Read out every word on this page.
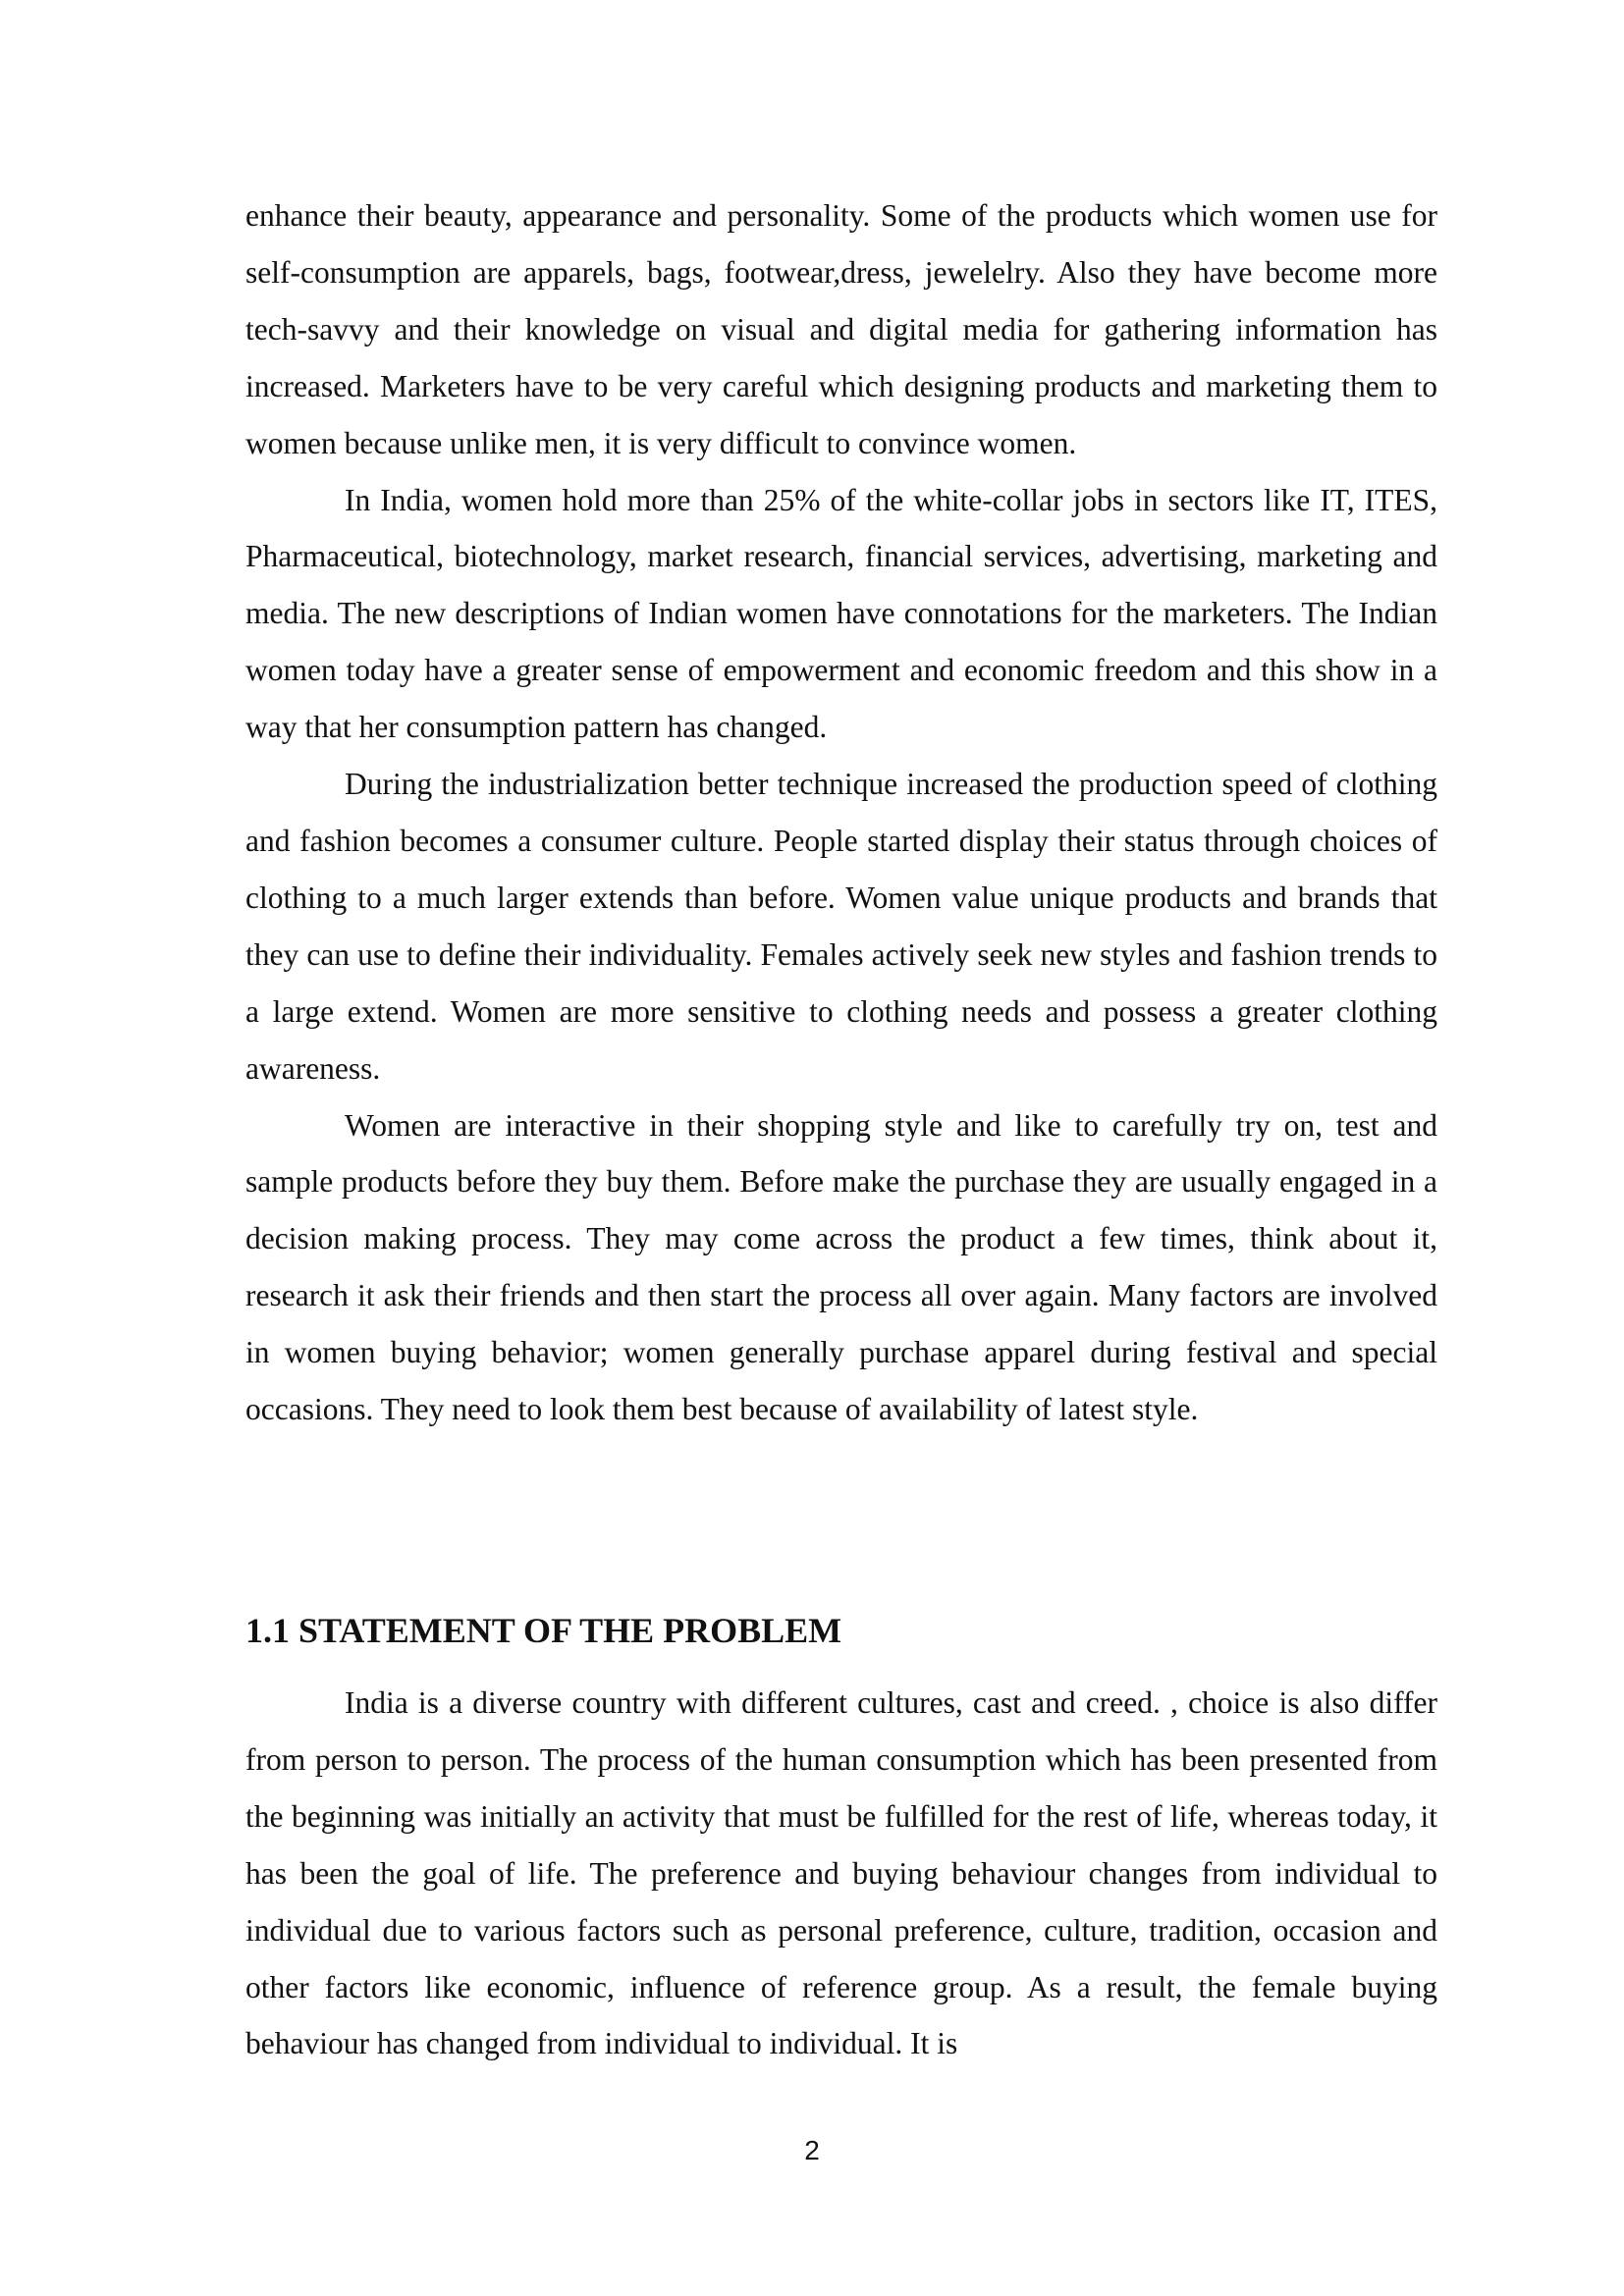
enhance their beauty, appearance and personality. Some of the products which women use for self-consumption are apparels, bags, footwear,dress, jewelelry. Also they have become more tech-savvy and their knowledge on visual and digital media for gathering information has increased. Marketers have to be very careful which designing products and marketing them to women because unlike men, it is very difficult to convince women.

In India, women hold more than 25% of the white-collar jobs in sectors like IT, ITES, Pharmaceutical, biotechnology, market research, financial services, advertising, marketing and media. The new descriptions of Indian women have connotations for the marketers. The Indian women today have a greater sense of empowerment and economic freedom and this show in a way that her consumption pattern has changed.

During the industrialization better technique increased the production speed of clothing and fashion becomes a consumer culture. People started display their status through choices of clothing to a much larger extends than before. Women value unique products and brands that they can use to define their individuality. Females actively seek new styles and fashion trends to a large extend. Women are more sensitive to clothing needs and possess a greater clothing awareness.

Women are interactive in their shopping style and like to carefully try on, test and sample products before they buy them. Before make the purchase they are usually engaged in a decision making process. They may come across the product a few times, think about it, research it ask their friends and then start the process all over again. Many factors are involved in women buying behavior; women generally purchase apparel during festival and special occasions. They need to look them best because of availability of latest style.

1.1 STATEMENT OF THE PROBLEM

India is a diverse country with different cultures, cast and creed. , choice is also differ from person to person. The process of the human consumption which has been presented from the beginning was initially an activity that must be fulfilled for the rest of life, whereas today, it has been the goal of life. The preference and buying behaviour changes from individual to individual due to various factors such as personal preference, culture, tradition, occasion and other factors like economic, influence of reference group. As a result, the female buying behaviour has changed from individual to individual. It is

2
